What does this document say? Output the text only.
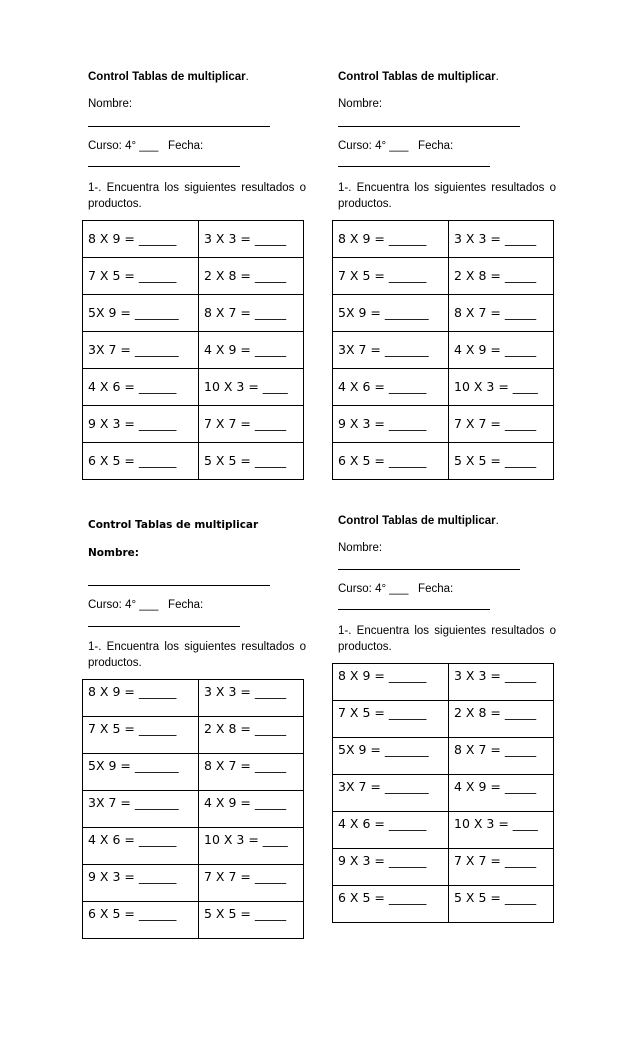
Control Tablas de multiplicar.
Nombre:
Curso: 4° ___ Fecha:
1-. Encuentra los siguientes resultados o productos.
8 X 9 = ______	3 X 3 = _____
7 X 5 = ______	2 X 8 = _____
5X 9 = _______	8 X 7 = _____
3X 7 = _______	4 X 9 = _____
4 X 6 = ______	10 X 3 = ____
9 X 3 = ______	7 X 7 = _____
6 X 5 = ______	5 X 5 = _____
Control Tablas de multiplicar.
Nombre:
Curso: 4° ___ Fecha:
1-. Encuentra los siguientes resultados o productos.
8 X 9 = ______	3 X 3 = _____
7 X 5 = ______	2 X 8 = _____
5X 9 = _______	8 X 7 = _____
3X 7 = _______	4 X 9 = _____
4 X 6 = ______	10 X 3 = ____
9 X 3 = ______	7 X 7 = _____
6 X 5 = ______	5 X 5 = _____
Control Tablas de multiplicar
Nombre:
Curso: 4° ___ Fecha:
1-. Encuentra los siguientes resultados o productos.
8 X 9 = ______	3 X 3 = _____
7 X 5 = ______	2 X 8 = _____
5X 9 = _______	8 X 7 = _____
3X 7 = _______	4 X 9 = _____
4 X 6 = ______	10 X 3 = ____
9 X 3 = ______	7 X 7 = _____
6 X 5 = ______	5 X 5 = _____
Control Tablas de multiplicar.
Nombre:
Curso: 4° ___ Fecha:
1-. Encuentra los siguientes resultados o productos.
8 X 9 = ______	3 X 3 = _____
7 X 5 = ______	2 X 8 = _____
5X 9 = _______	8 X 7 = _____
3X 7 = _______	4 X 9 = _____
4 X 6 = ______	10 X 3 = ____
9 X 3 = ______	7 X 7 = _____
6 X 5 = ______	5 X 5 = _____
